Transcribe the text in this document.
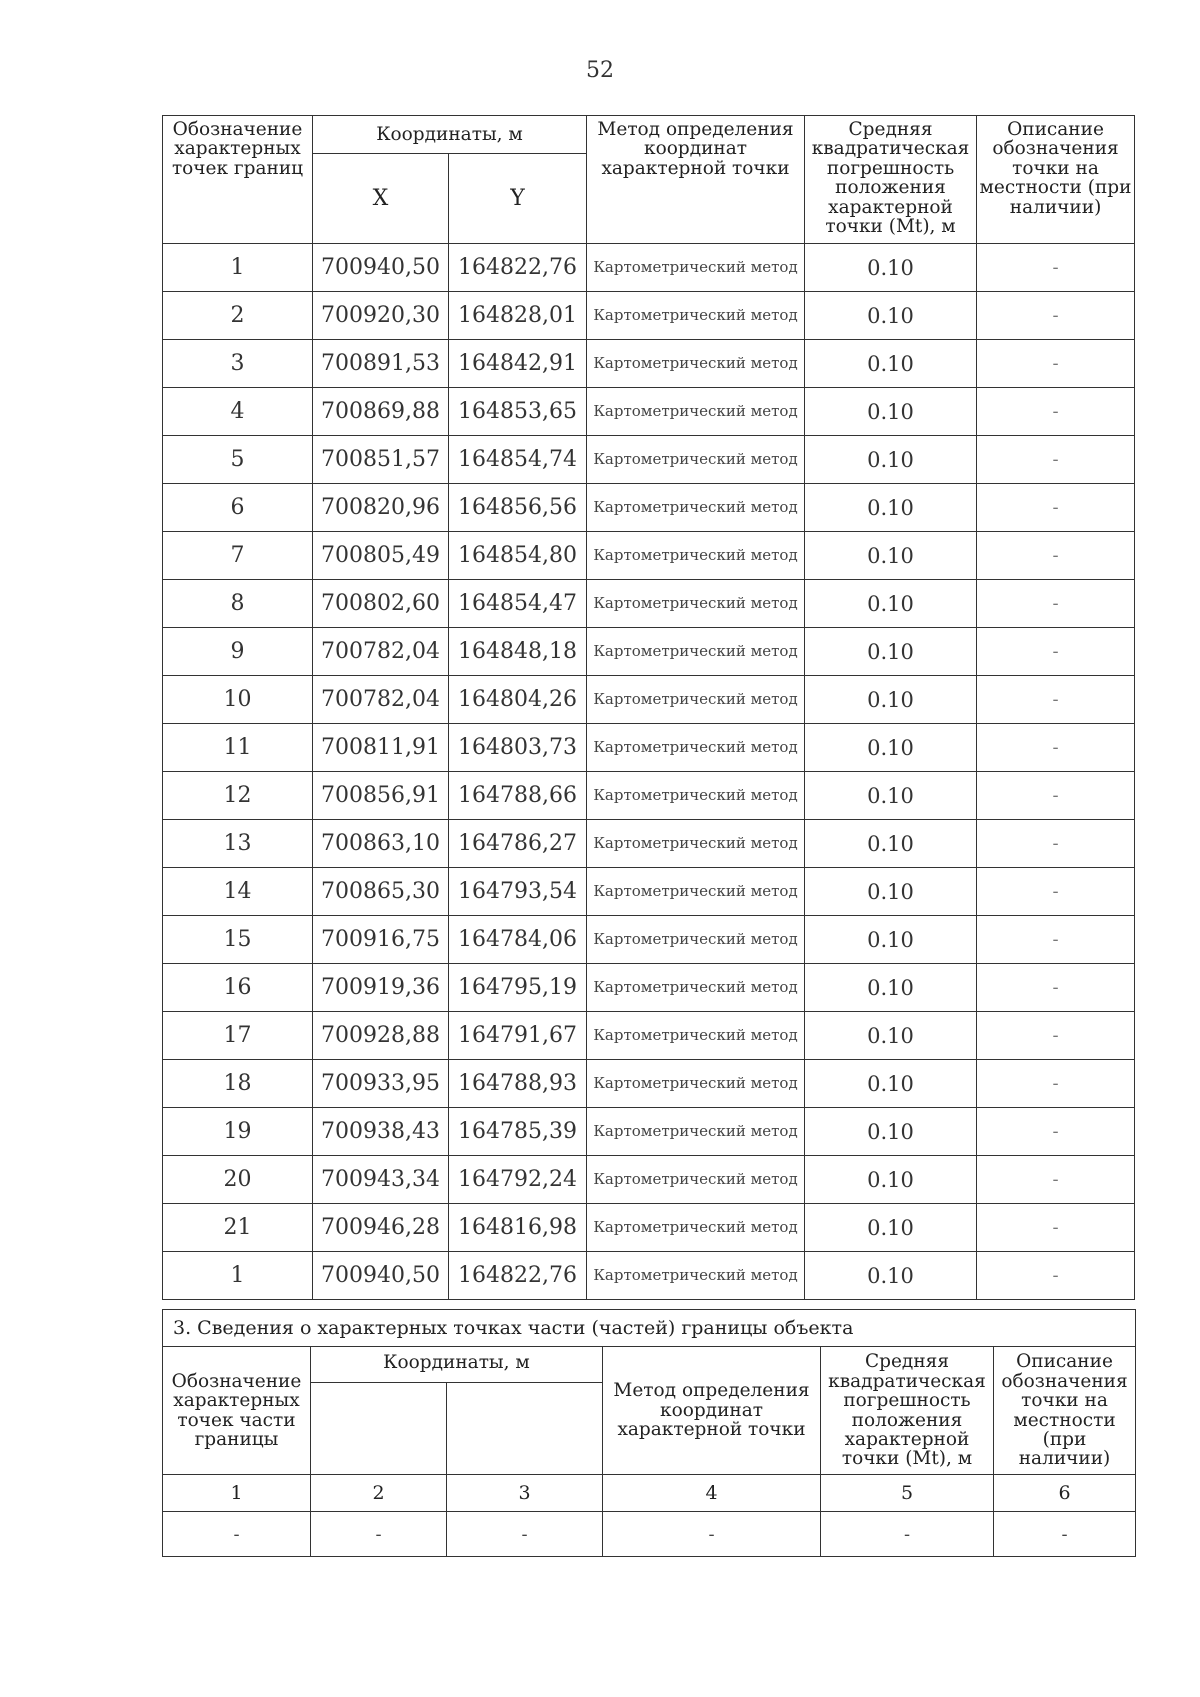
52
Обозначение характерных точек границ	Координаты, м		Метод определения координат характерной точки	Средняя квадратическая погрешность положения характерной точки (Mt), м	Описание обозначения точки на местности (при наличии)
	X	Y			
1	700940,50	164822,76	Картометрический метод	0.10	-
2	700920,30	164828,01	Картометрический метод	0.10	-
3	700891,53	164842,91	Картометрический метод	0.10	-
4	700869,88	164853,65	Картометрический метод	0.10	-
5	700851,57	164854,74	Картометрический метод	0.10	-
6	700820,96	164856,56	Картометрический метод	0.10	-
7	700805,49	164854,80	Картометрический метод	0.10	-
8	700802,60	164854,47	Картометрический метод	0.10	-
9	700782,04	164848,18	Картометрический метод	0.10	-
10	700782,04	164804,26	Картометрический метод	0.10	-
11	700811,91	164803,73	Картометрический метод	0.10	-
12	700856,91	164788,66	Картометрический метод	0.10	-
13	700863,10	164786,27	Картометрический метод	0.10	-
14	700865,30	164793,54	Картометрический метод	0.10	-
15	700916,75	164784,06	Картометрический метод	0.10	-
16	700919,36	164795,19	Картометрический метод	0.10	-
17	700928,88	164791,67	Картометрический метод	0.10	-
18	700933,95	164788,93	Картометрический метод	0.10	-
19	700938,43	164785,39	Картометрический метод	0.10	-
20	700943,34	164792,24	Картометрический метод	0.10	-
21	700946,28	164816,98	Картометрический метод	0.10	-
1	700940,50	164822,76	Картометрический метод	0.10	-
3. Сведения о характерных точках части (частей) границы объекта					
Обозначение характерных точек части границы	Координаты, м		Метод определения координат характерной точки	Средняя квадратическая погрешность положения характерной точки (Mt), м	Описание обозначения точки на местности (при наличии)

1	2	3	4	5	6
-	-	-	-	-	-
